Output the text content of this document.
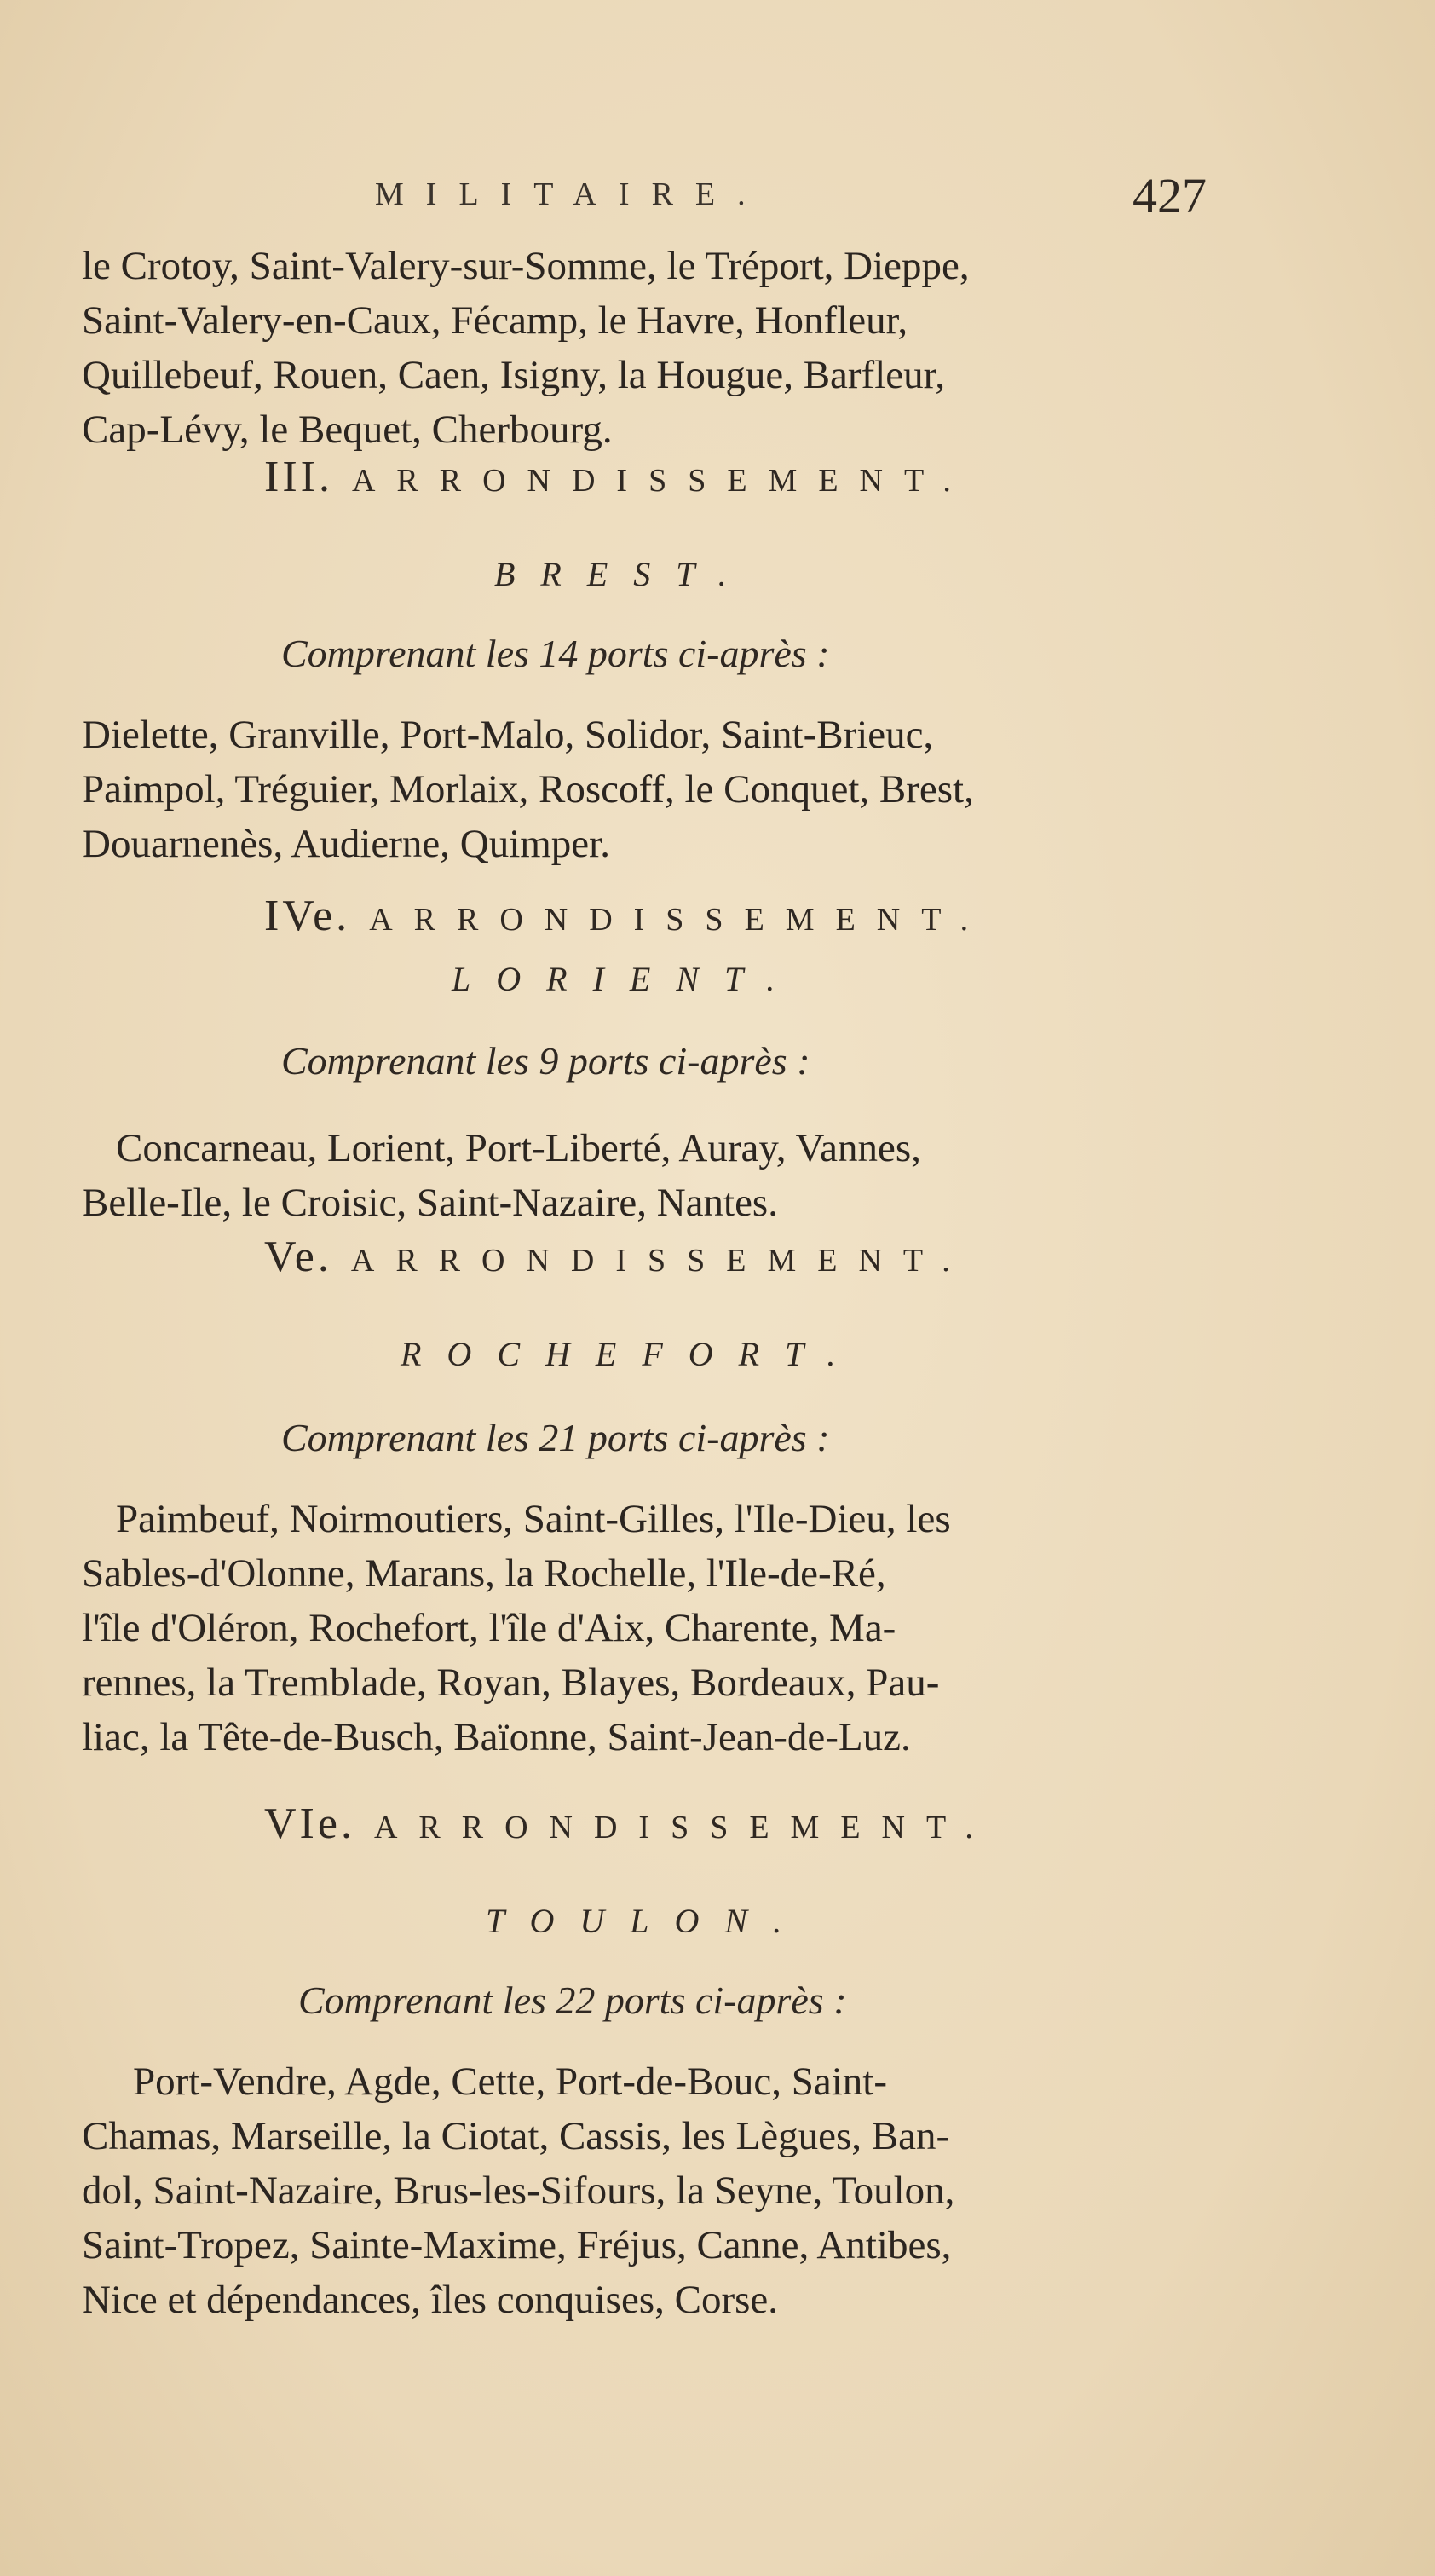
MILITAIRE.	427

le Crotoy, Saint-Valery-sur-Somme, le Tréport, Dieppe,
Saint-Valery-en-Caux, Fécamp, le Havre, Honfleur,
Quillebeuf, Rouen, Caen, Isigny, la Hougue, Barfleur,
Cap-Lévy, le Bequet, Cherbourg.

III. ARRONDISSEMENT.
BREST.
Comprenant les 14 ports ci-après :

Dielette, Granville, Port-Malo, Solidor, Saint-Brieuc,
Paimpol, Tréguier, Morlaix, Roscoff, le Conquet, Brest,
Douarnenès, Audierne, Quimper.

IVe. ARRONDISSEMENT.
LORIENT.
Comprenant les 9 ports ci-après :

Concarneau, Lorient, Port-Liberté, Auray, Vannes,
Belle-Ile, le Croisic, Saint-Nazaire, Nantes.

Ve. ARRONDISSEMENT.
ROCHEFORT.
Comprenant les 21 ports ci-après :

Paimbeuf, Noirmoutiers, Saint-Gilles, l'Ile-Dieu, les
Sables-d'Olonne, Marans, la Rochelle, l'Ile-de-Ré,
l'île d'Oléron, Rochefort, l'île d'Aix, Charente, Ma-
rennes, la Tremblade, Royan, Blayes, Bordeaux, Pau-
liac, la Tête-de-Busch, Baïonne, Saint-Jean-de-Luz.

VIe. ARRONDISSEMENT.
TOULON.
Comprenant les 22 ports ci-après :

Port-Vendre, Agde, Cette, Port-de-Bouc, Saint-
Chamas, Marseille, la Ciotat, Cassis, les Lègues, Ban-
dol, Saint-Nazaire, Brus-les-Sifours, la Seyne, Toulon,
Saint-Tropez, Sainte-Maxime, Fréjus, Canne, Antibes,
Nice et dépendances, îles conquises, Corse.
